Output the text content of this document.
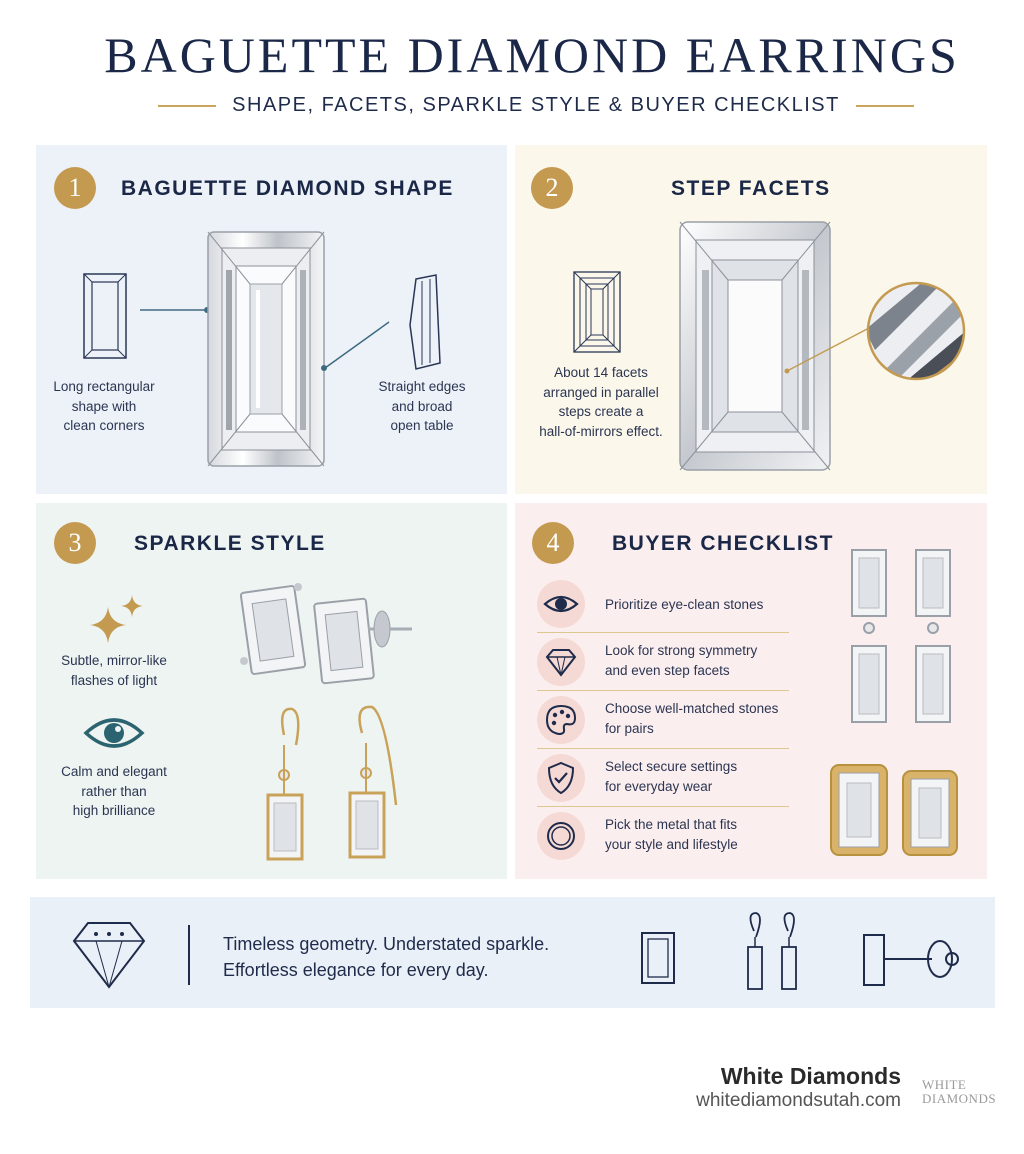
BAGUETTE DIAMOND EARRINGS
SHAPE, FACETS, SPARKLE STYLE & BUYER CHECKLIST
1	BAGUETTE DIAMOND SHAPE
Long rectangular
shape with
clean corners
Straight edges
and broad
open table
2	STEP FACETS
About 14 facets
arranged in parallel
steps create a
hall-of-mirrors effect.
3	SPARKLE STYLE
Subtle, mirror-like
flashes of light
Calm and elegant
rather than
high brilliance
4	BUYER CHECKLIST
Prioritize eye-clean stones
Look for strong symmetry
and even step facets
Choose well-matched stones
for pairs
Select secure settings
for everyday wear
Pick the metal that fits
your style and lifestyle
Timeless geometry. Understated sparkle.
Effortless elegance for every day.
White Diamonds
whitediamondsutah.com
WHITE
DIAMONDS
